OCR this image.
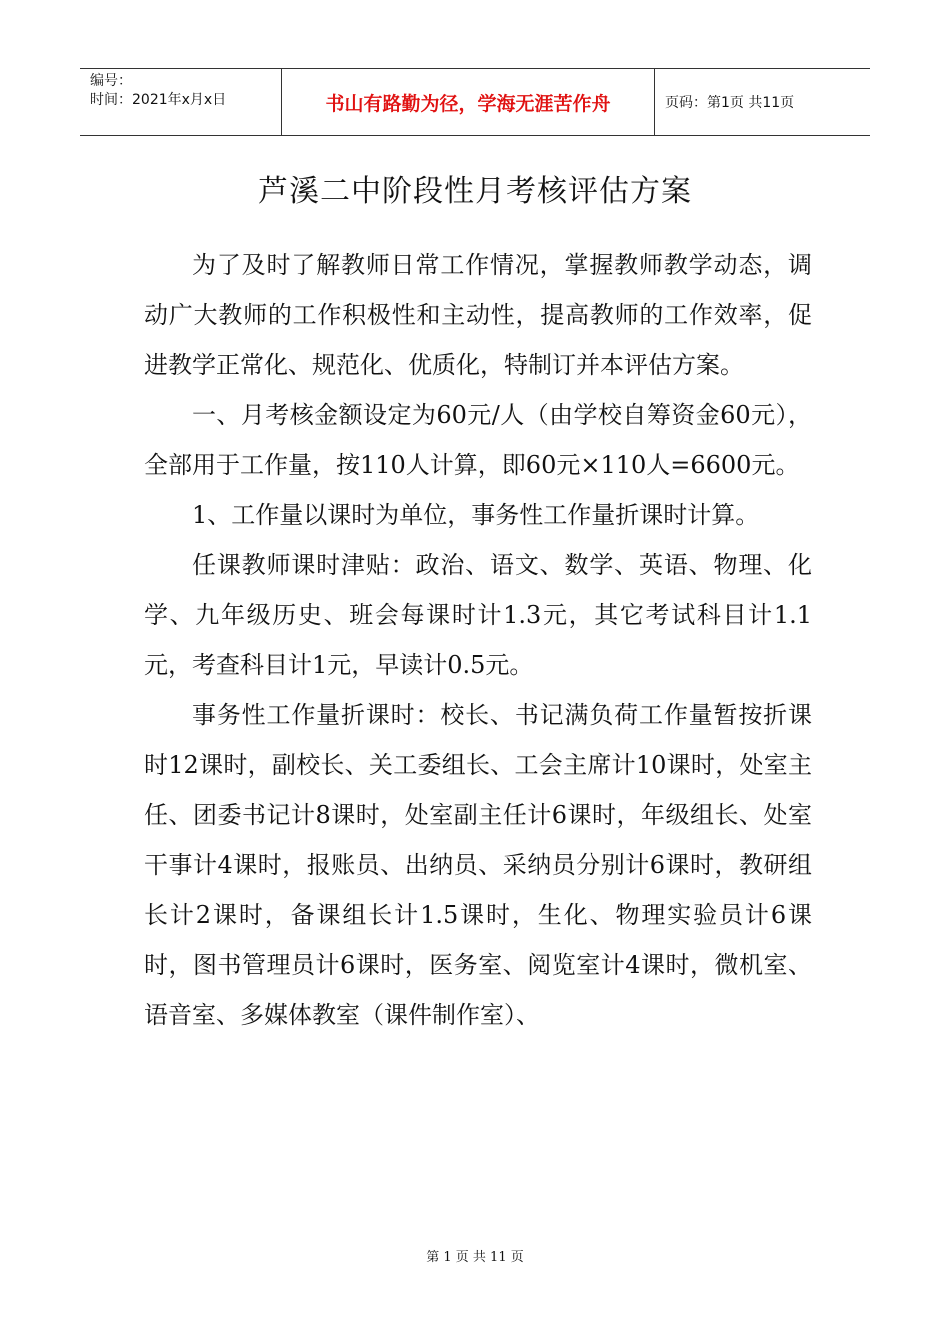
编号：
时间：2021年x月x日	书山有路勤为径，学海无涯苦作舟	页码：第1页 共11页
芦溪二中阶段性月考核评估方案

为了及时了解教师日常工作情况，掌握教师教学动态，调动广大教师的工作积极性和主动性，提高教师的工作效率，促进教学正常化、规范化、优质化，特制订并本评估方案。

一、月考核金额设定为60元/人（由学校自筹资金60元），全部用于工作量，按110人计算，即60元×110人=6600元。

1、工作量以课时为单位，事务性工作量折课时计算。

任课教师课时津贴：政治、语文、数学、英语、物理、化学、九年级历史、班会每课时计1.3元，其它考试科目计1.1元，考查科目计1元，早读计0.5元。

事务性工作量折课时：校长、书记满负荷工作量暂按折课时12课时，副校长、关工委组长、工会主席计10课时，处室主任、团委书记计8课时，处室副主任计6课时，年级组长、处室干事计4课时，报账员、出纳员、采纳员分别计6课时，教研组长计2课时，备课组长计1.5课时，生化、物理实验员计6课时，图书管理员计6课时，医务室、阅览室计4课时，微机室、语音室、多媒体教室（课件制作室）、

第 1 页 共 11 页
